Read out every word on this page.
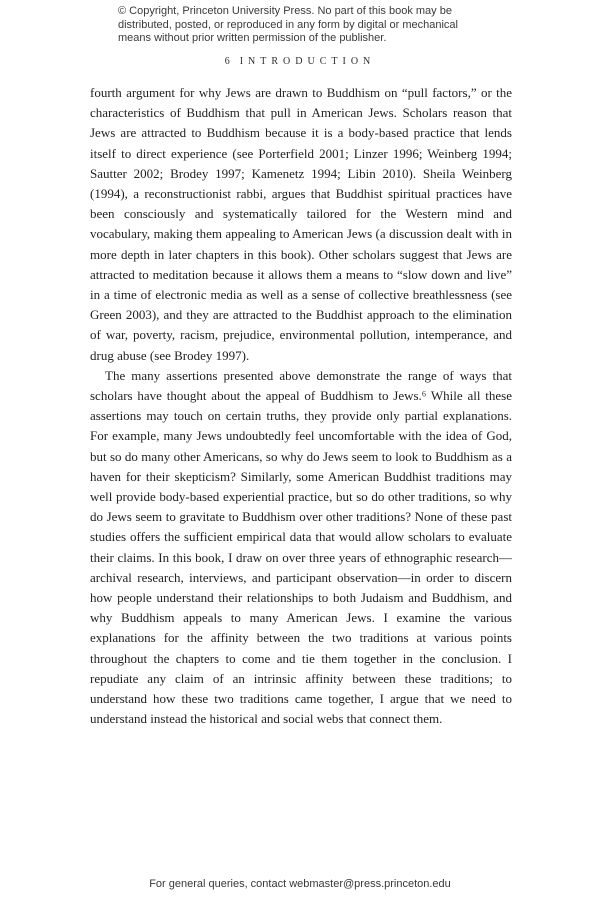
© Copyright, Princeton University Press. No part of this book may be
distributed, posted, or reproduced in any form by digital or mechanical
means without prior written permission of the publisher.
6 INTRODUCTION

fourth argument for why Jews are drawn to Buddhism on “pull factors,” or the characteristics of Buddhism that pull in American Jews. Scholars reason that Jews are attracted to Buddhism because it is a body-based practice that lends itself to direct experience (see Porterfield 2001; Linzer 1996; Weinberg 1994; Sautter 2002; Brodey 1997; Kamenetz 1994; Libin 2010). Sheila Weinberg (1994), a reconstructionist rabbi, argues that Buddhist spiritual practices have been consciously and systematically tailored for the Western mind and vocabulary, making them appealing to American Jews (a discussion dealt with in more depth in later chapters in this book). Other scholars suggest that Jews are attracted to meditation because it allows them a means to “slow down and live” in a time of electronic media as well as a sense of collective breathlessness (see Green 2003), and they are attracted to the Buddhist approach to the elimination of war, poverty, racism, prejudice, environmental pollution, intemperance, and drug abuse (see Brodey 1997).

The many assertions presented above demonstrate the range of ways that scholars have thought about the appeal of Buddhism to Jews.⁶ While all these assertions may touch on certain truths, they provide only partial explanations. For example, many Jews undoubtedly feel uncomfortable with the idea of God, but so do many other Americans, so why do Jews seem to look to Buddhism as a haven for their skepticism? Similarly, some American Buddhist traditions may well provide body-based experiential practice, but so do other traditions, so why do Jews seem to gravitate to Buddhism over other traditions? None of these past studies offers the sufficient empirical data that would allow scholars to evaluate their claims. In this book, I draw on over three years of ethnographic research—archival research, interviews, and participant observation—in order to discern how people understand their relationships to both Judaism and Buddhism, and why Buddhism appeals to many American Jews. I examine the various explanations for the affinity between the two traditions at various points throughout the chapters to come and tie them together in the conclusion. I repudiate any claim of an intrinsic affinity between these traditions; to understand how these two traditions came together, I argue that we need to understand instead the historical and social webs that connect them.

For general queries, contact webmaster@press.princeton.edu
